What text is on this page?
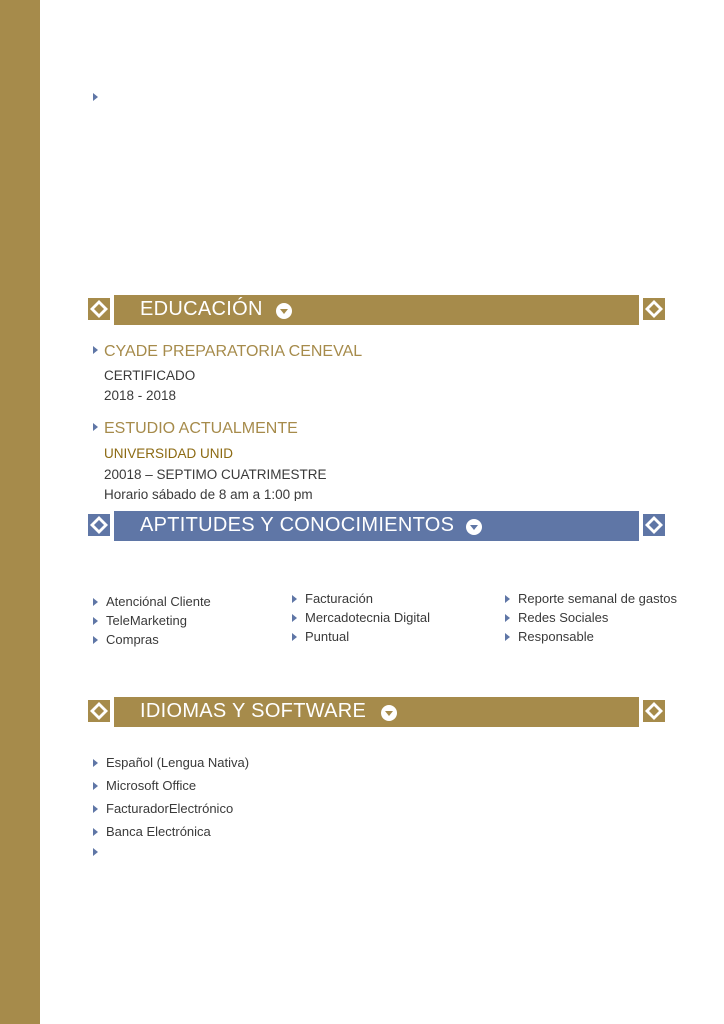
EDUCACIÓN
CYADE PREPARATORIA CENEVAL
CERTIFICADO
2018 - 2018
ESTUDIO ACTUALMENTE
UNIVERSIDAD UNID
20018 – SEPTIMO CUATRIMESTRE
Horario sábado de 8 am a 1:00 pm
APTITUDES Y CONOCIMIENTOS
Atenciónal Cliente
TeleMarketing
Compras
Facturación
Mercadotecnia Digital
Puntual
Reporte semanal de gastos
Redes Sociales
Responsable
IDIOMAS Y SOFTWARE
Español (Lengua Nativa)
Microsoft Office
FacturadorElectrónico
Banca Electrónica
